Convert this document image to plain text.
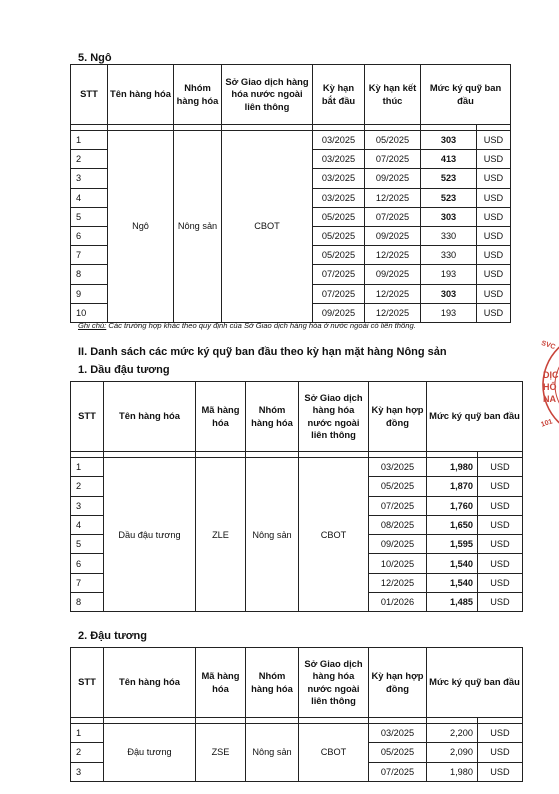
5. Ngô
STT	Tên hàng hóa	Nhóm hàng hóa	Sở Giao dịch hàng hóa nước ngoài liên thông	Kỳ hạn bắt đầu	Kỳ hạn kết thúc	Mức ký quỹ ban đầu	

1	Ngô	Nông sản	CBOT	03/2025	05/2025	303	USD
2				03/2025	07/2025	413	USD
3				03/2025	09/2025	523	USD
4				03/2025	12/2025	523	USD
5				05/2025	07/2025	303	USD
6				05/2025	09/2025	330	USD
7				05/2025	12/2025	330	USD
8				07/2025	09/2025	193	USD
9				07/2025	12/2025	303	USD
10				09/2025	12/2025	193	USD
Ghi chú: Các trường hợp khác theo quy định của Sở Giao dịch hàng hóa ở nước ngoài có liên thông.
II. Danh sách các mức ký quỹ ban đầu theo kỳ hạn mặt hàng Nông sản
1. Dầu đậu tương
STT	Tên hàng hóa	Mã hàng hóa	Nhóm hàng hóa	Sở Giao dịch hàng hóa nước ngoài liên thông	Kỳ hạn hợp đồng	Mức ký quỹ ban đầu	

1	Dầu đậu tương	ZLE	Nông sản	CBOT	03/2025	1,980	USD
2					05/2025	1,870	USD
3					07/2025	1,760	USD
4					08/2025	1,650	USD
5					09/2025	1,595	USD
6					10/2025	1,540	USD
7					12/2025	1,540	USD
8					01/2026	1,485	USD
2. Đậu tương
STT	Tên hàng hóa	Mã hàng hóa	Nhóm hàng hóa	Sở Giao dịch hàng hóa nước ngoài liên thông	Kỳ hạn hợp đồng	Mức ký quỹ ban đầu	

1	Đậu tương	ZSE	Nông sản	CBOT	03/2025	2,200	USD
2					05/2025	2,090	USD
3					07/2025	1,980	USD
SVC
DỊC
HỐ
NA
101
